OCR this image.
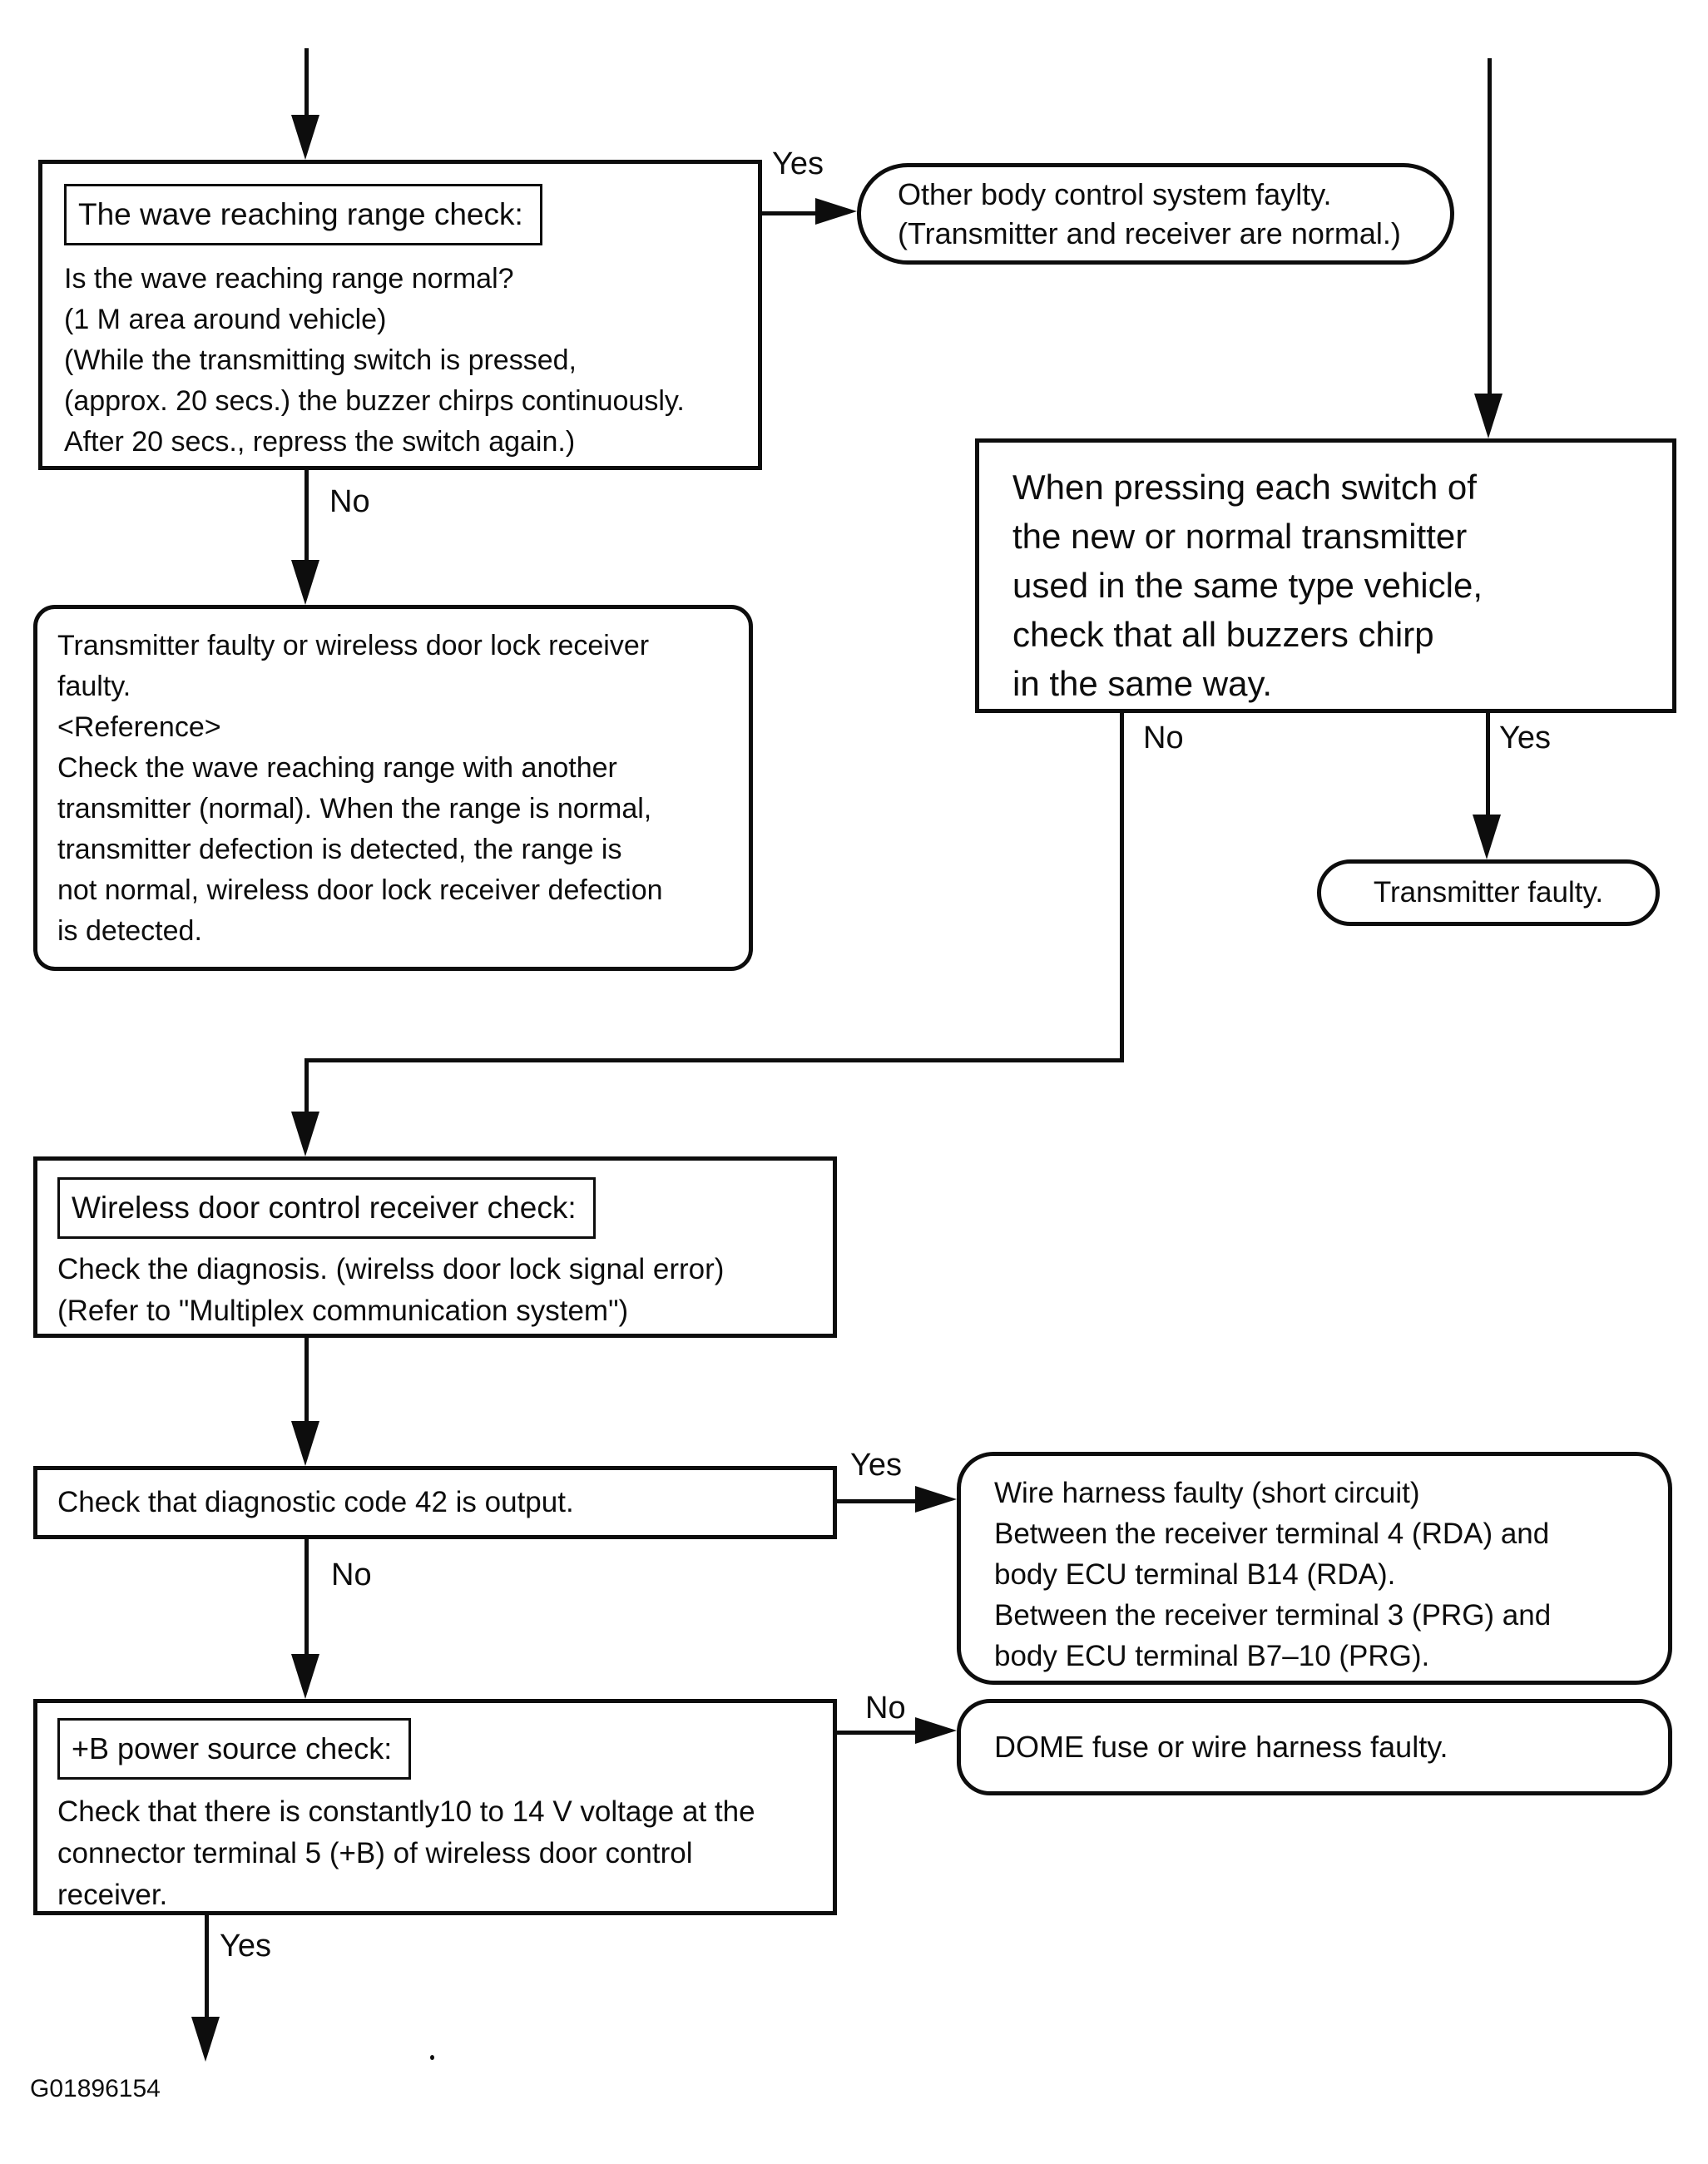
The wave reaching range check:
Is the wave reaching range normal?
(1 M area around vehicle)
(While the transmitting switch is pressed,
(approx. 20 secs.) the buzzer chirps continuously.
After 20 secs., repress the switch again.)
Yes
Other body control system faylty.
(Transmitter and receiver are normal.)
When pressing each switch of
the new or normal transmitter
used in the same type vehicle,
check that all buzzers chirp
in the same way.
No
Transmitter faulty or wireless door lock receiver
faulty.
<Reference>
Check the wave reaching range with another
transmitter (normal). When the range is normal,
transmitter defection is detected, the range is
not normal, wireless door lock receiver defection
is detected.
No	Yes
Transmitter faulty.
Wireless door control receiver check:
Check the diagnosis. (wirelss door lock signal error)
(Refer to "Multiplex communication system")
Check that diagnostic code 42 is output.
Yes
Wire harness faulty (short circuit)
Between the receiver terminal 4 (RDA) and
body ECU terminal B14 (RDA).
Between the receiver terminal 3 (PRG) and
body ECU terminal B7–10 (PRG).
No
+B power source check:
Check that there is constantly10 to 14 V voltage at the
connector terminal 5 (+B) of wireless door control
receiver.
No
DOME fuse or wire harness faulty.
Yes
G01896154
